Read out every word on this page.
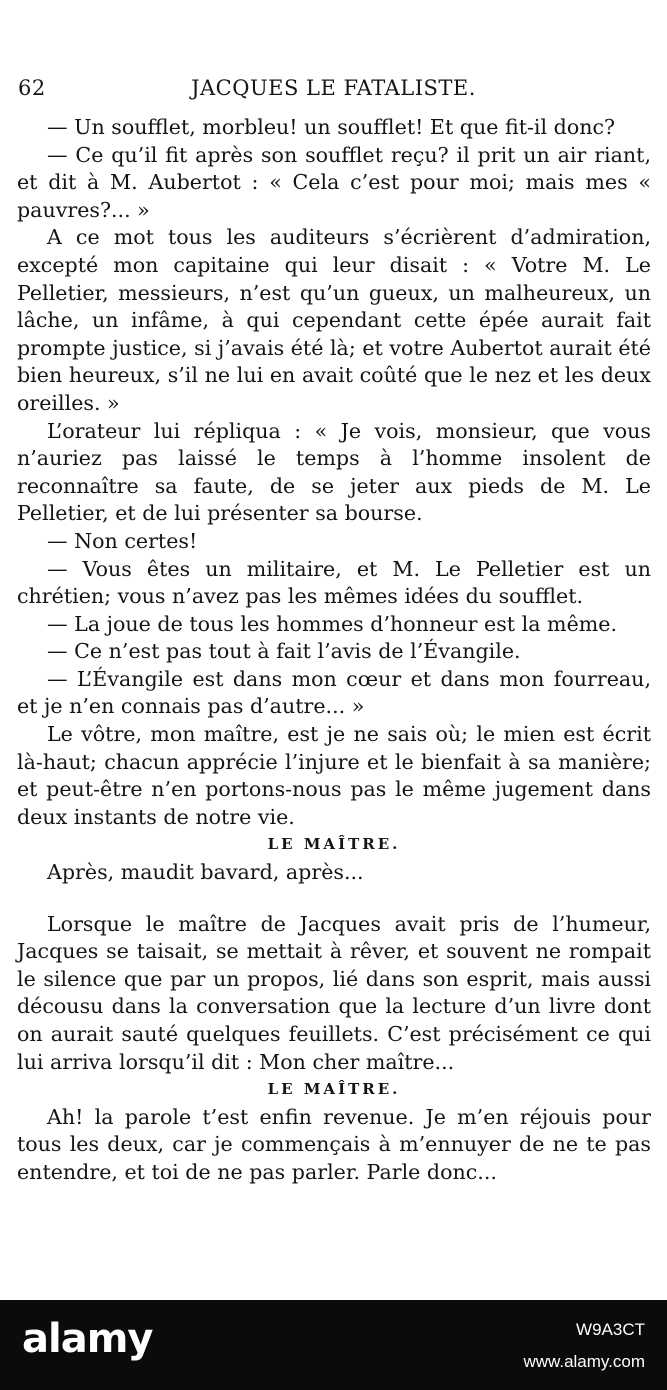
62	JACQUES LE FATALISTE.

— Un soufflet, morbleu! un soufflet! Et que fit-il donc?

— Ce qu’il fit après son soufflet reçu? il prit un air riant, et dit à M. Aubertot : « Cela c’est pour moi; mais mes « pauvres?... »

A ce mot tous les auditeurs s’écrièrent d’admiration, excepté mon capitaine qui leur disait : « Votre M. Le Pelletier, messieurs, n’est qu’un gueux, un malheureux, un lâche, un infâme, à qui cependant cette épée aurait fait prompte justice, si j’avais été là; et votre Aubertot aurait été bien heureux, s’il ne lui en avait coûté que le nez et les deux oreilles. »

L’orateur lui répliqua : « Je vois, monsieur, que vous n’auriez pas laissé le temps à l’homme insolent de reconnaître sa faute, de se jeter aux pieds de M. Le Pelletier, et de lui présenter sa bourse.

— Non certes!

— Vous êtes un militaire, et M. Le Pelletier est un chrétien; vous n’avez pas les mêmes idées du soufflet.

— La joue de tous les hommes d’honneur est la même.

— Ce n’est pas tout à fait l’avis de l’Évangile.

— L’Évangile est dans mon cœur et dans mon fourreau, et je n’en connais pas d’autre... »

Le vôtre, mon maître, est je ne sais où; le mien est écrit là-haut; chacun apprécie l’injure et le bienfait à sa manière; et peut-être n’en portons-nous pas le même jugement dans deux instants de notre vie.

LE MAÎTRE.

Après, maudit bavard, après...

Lorsque le maître de Jacques avait pris de l’humeur, Jacques se taisait, se mettait à rêver, et souvent ne rompait le silence que par un propos, lié dans son esprit, mais aussi décousu dans la conversation que la lecture d’un livre dont on aurait sauté quelques feuillets. C’est précisément ce qui lui arriva lorsqu’il dit : Mon cher maître...

LE MAÎTRE.

Ah! la parole t’est enfin revenue. Je m’en réjouis pour tous les deux, car je commençais à m’ennuyer de ne te pas entendre, et toi de ne pas parler. Parle donc...

alamy	W9A3CT
www.alamy.com
